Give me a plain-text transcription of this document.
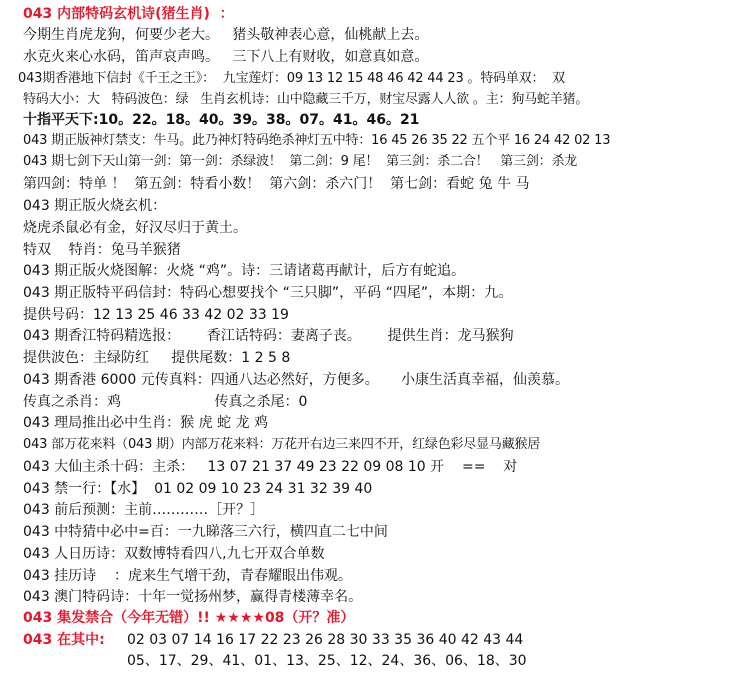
043 内部特码玄机诗(猪生肖)  ：
今期生肖虎龙狗，何要少老大。   猪头敬神表心意，仙桃献上去。
水克火来心水码，笛声哀声鸣。   三下八上有财收，如意真如意。
043期香港地下信封《千王之王》：  九宝莲灯：09 13 12 15 48 46 42 44 23 。特码单双：  双
特码大小：大   特码波色：绿   生肖玄机诗：山中隐藏三千万，财宝尽露人人欲 。主：狗马蛇羊猪。
十指平天下:10。22。18。40。39。38。07。41。46。21
043 期正版神灯禁支：牛马。此乃神灯特码绝杀神灯五中特：16 45 26 35 22 五个平 16 24 42 02 13
043 期七剑下天山第一剑：第一剑：杀绿波！  第二剑：9 尾！  第三剑：杀二合！   第三剑：杀龙
第四剑：特单 ！  第五剑：特看小数！  第六剑：杀六门！  第七剑：看蛇 兔 牛 马
043 期正版火烧玄机：
烧虎杀鼠必有金，好汉尽归于黄土。
特双    特肖：兔马羊猴猪
043 期正版火烧图解：火烧 “鸡”。诗：三请诸葛再献计，后方有蛇追。
043 期正版特平码信封：特码心想要找个 “三只脚”，平码 “四尾”，本期：九。
提供号码：12 13 25 46 33 42 02 33 19
043 期香江特码精选报：      香江话特码：妻离子丧。      提供生肖：龙马猴狗
提供波色：主绿防红     提供尾数：1 2 5 8
043 期香港 6000 元传真料：四通八达必然好，方便多。     小康生活真幸福，仙羡慕。
传真之杀肖：鸡                     传真之杀尾：0
043 理局推出必中生肖：猴 虎 蛇 龙 鸡
043 部万花来料（043 期）内部万花来料：万花开右边三来四不开，红绿色彩尽显马藏猴居
043 大仙主杀十码：主杀：   13 07 21 37 49 23 22 09 08 10 开    ==    对
043 禁一行：【水】  01 02 09 10 23 24 31 32 39 40
043 前后预测：主前…………［开？］
043 中特猜中必中=百：一九睇落三六行，横四直二七中间
043 人日历诗：双数博特看四八,九七开双合单数
043 挂历诗    ：虎来生气增干劲，青春耀眼出伟观。
043 澳门特码诗：十年一觉扬州梦，赢得青楼薄幸名。
043 集发禁合（今年无错）!! ★★★★08（开？准）
043 在其中: 02 03 07 14 16 17 22 23 26 28 30 33 35 36 40 42 43 44
05、17、29、41、01、13、25、12、24、36、06、18、30
